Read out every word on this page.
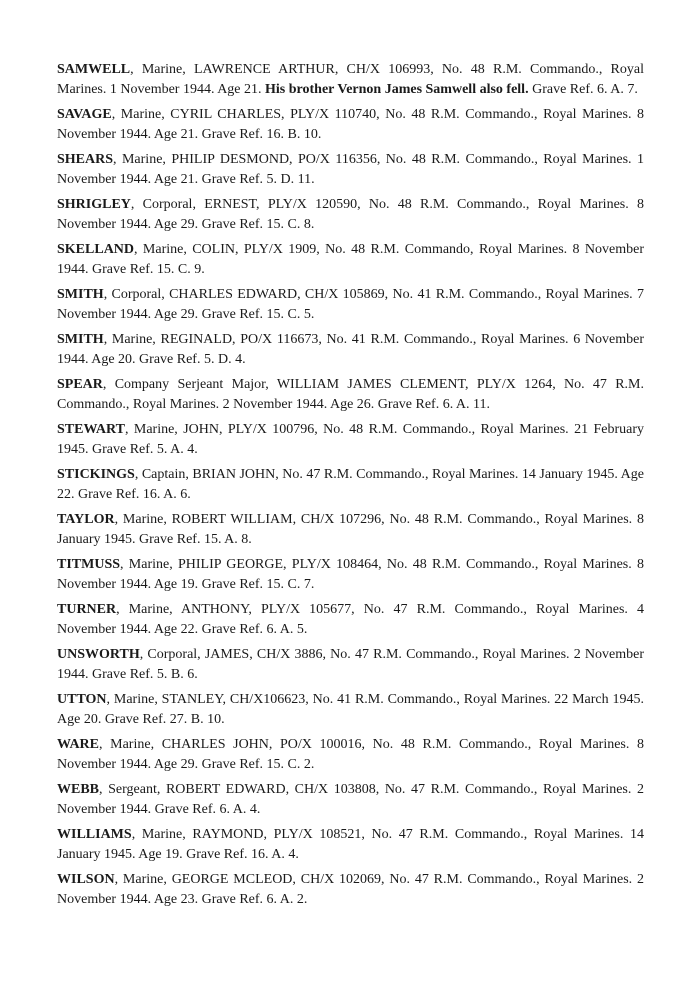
SAMWELL, Marine, LAWRENCE ARTHUR, CH/X 106993, No. 48 R.M. Commando., Royal Marines. 1 November 1944. Age 21. His brother Vernon James Samwell also fell. Grave Ref. 6. A. 7.

SAVAGE, Marine, CYRIL CHARLES, PLY/X 110740, No. 48 R.M. Commando., Royal Marines. 8 November 1944. Age 21. Grave Ref. 16. B. 10.

SHEARS, Marine, PHILIP DESMOND, PO/X 116356, No. 48 R.M. Commando., Royal Marines. 1 November 1944. Age 21. Grave Ref. 5. D. 11.

SHRIGLEY, Corporal, ERNEST, PLY/X 120590, No. 48 R.M. Commando., Royal Marines. 8 November 1944. Age 29. Grave Ref. 15. C. 8.

SKELLAND, Marine, COLIN, PLY/X 1909, No. 48 R.M. Commando, Royal Marines. 8 November 1944. Grave Ref. 15. C. 9.

SMITH, Corporal, CHARLES EDWARD, CH/X 105869, No. 41 R.M. Commando., Royal Marines. 7 November 1944. Age 29. Grave Ref. 15. C. 5.

SMITH, Marine, REGINALD, PO/X 116673, No. 41 R.M. Commando., Royal Marines. 6 November 1944. Age 20. Grave Ref. 5. D. 4.

SPEAR, Company Serjeant Major, WILLIAM JAMES CLEMENT, PLY/X 1264, No. 47 R.M. Commando., Royal Marines. 2 November 1944. Age 26. Grave Ref. 6. A. 11.

STEWART, Marine, JOHN, PLY/X 100796, No. 48 R.M. Commando., Royal Marines. 21 February 1945. Grave Ref. 5. A. 4.

STICKINGS, Captain, BRIAN JOHN, No. 47 R.M. Commando., Royal Marines. 14 January 1945. Age 22. Grave Ref. 16. A. 6.

TAYLOR, Marine, ROBERT WILLIAM, CH/X 107296, No. 48 R.M. Commando., Royal Marines. 8 January 1945. Grave Ref. 15. A. 8.

TITMUSS, Marine, PHILIP GEORGE, PLY/X 108464, No. 48 R.M. Commando., Royal Marines. 8 November 1944. Age 19. Grave Ref. 15. C. 7.

TURNER, Marine, ANTHONY, PLY/X 105677, No. 47 R.M. Commando., Royal Marines. 4 November 1944. Age 22. Grave Ref. 6. A. 5.

UNSWORTH, Corporal, JAMES, CH/X 3886, No. 47 R.M. Commando., Royal Marines. 2 November 1944. Grave Ref. 5. B. 6.

UTTON, Marine, STANLEY, CH/X106623, No. 41 R.M. Commando., Royal Marines. 22 March 1945. Age 20. Grave Ref. 27. B. 10.

WARE, Marine, CHARLES JOHN, PO/X 100016, No. 48 R.M. Commando., Royal Marines. 8 November 1944. Age 29. Grave Ref. 15. C. 2.

WEBB, Sergeant, ROBERT EDWARD, CH/X 103808, No. 47 R.M. Commando., Royal Marines. 2 November 1944. Grave Ref. 6. A. 4.

WILLIAMS, Marine, RAYMOND, PLY/X 108521, No. 47 R.M. Commando., Royal Marines. 14 January 1945. Age 19. Grave Ref. 16. A. 4.

WILSON, Marine, GEORGE MCLEOD, CH/X 102069, No. 47 R.M. Commando., Royal Marines. 2 November 1944. Age 23. Grave Ref. 6. A. 2.
